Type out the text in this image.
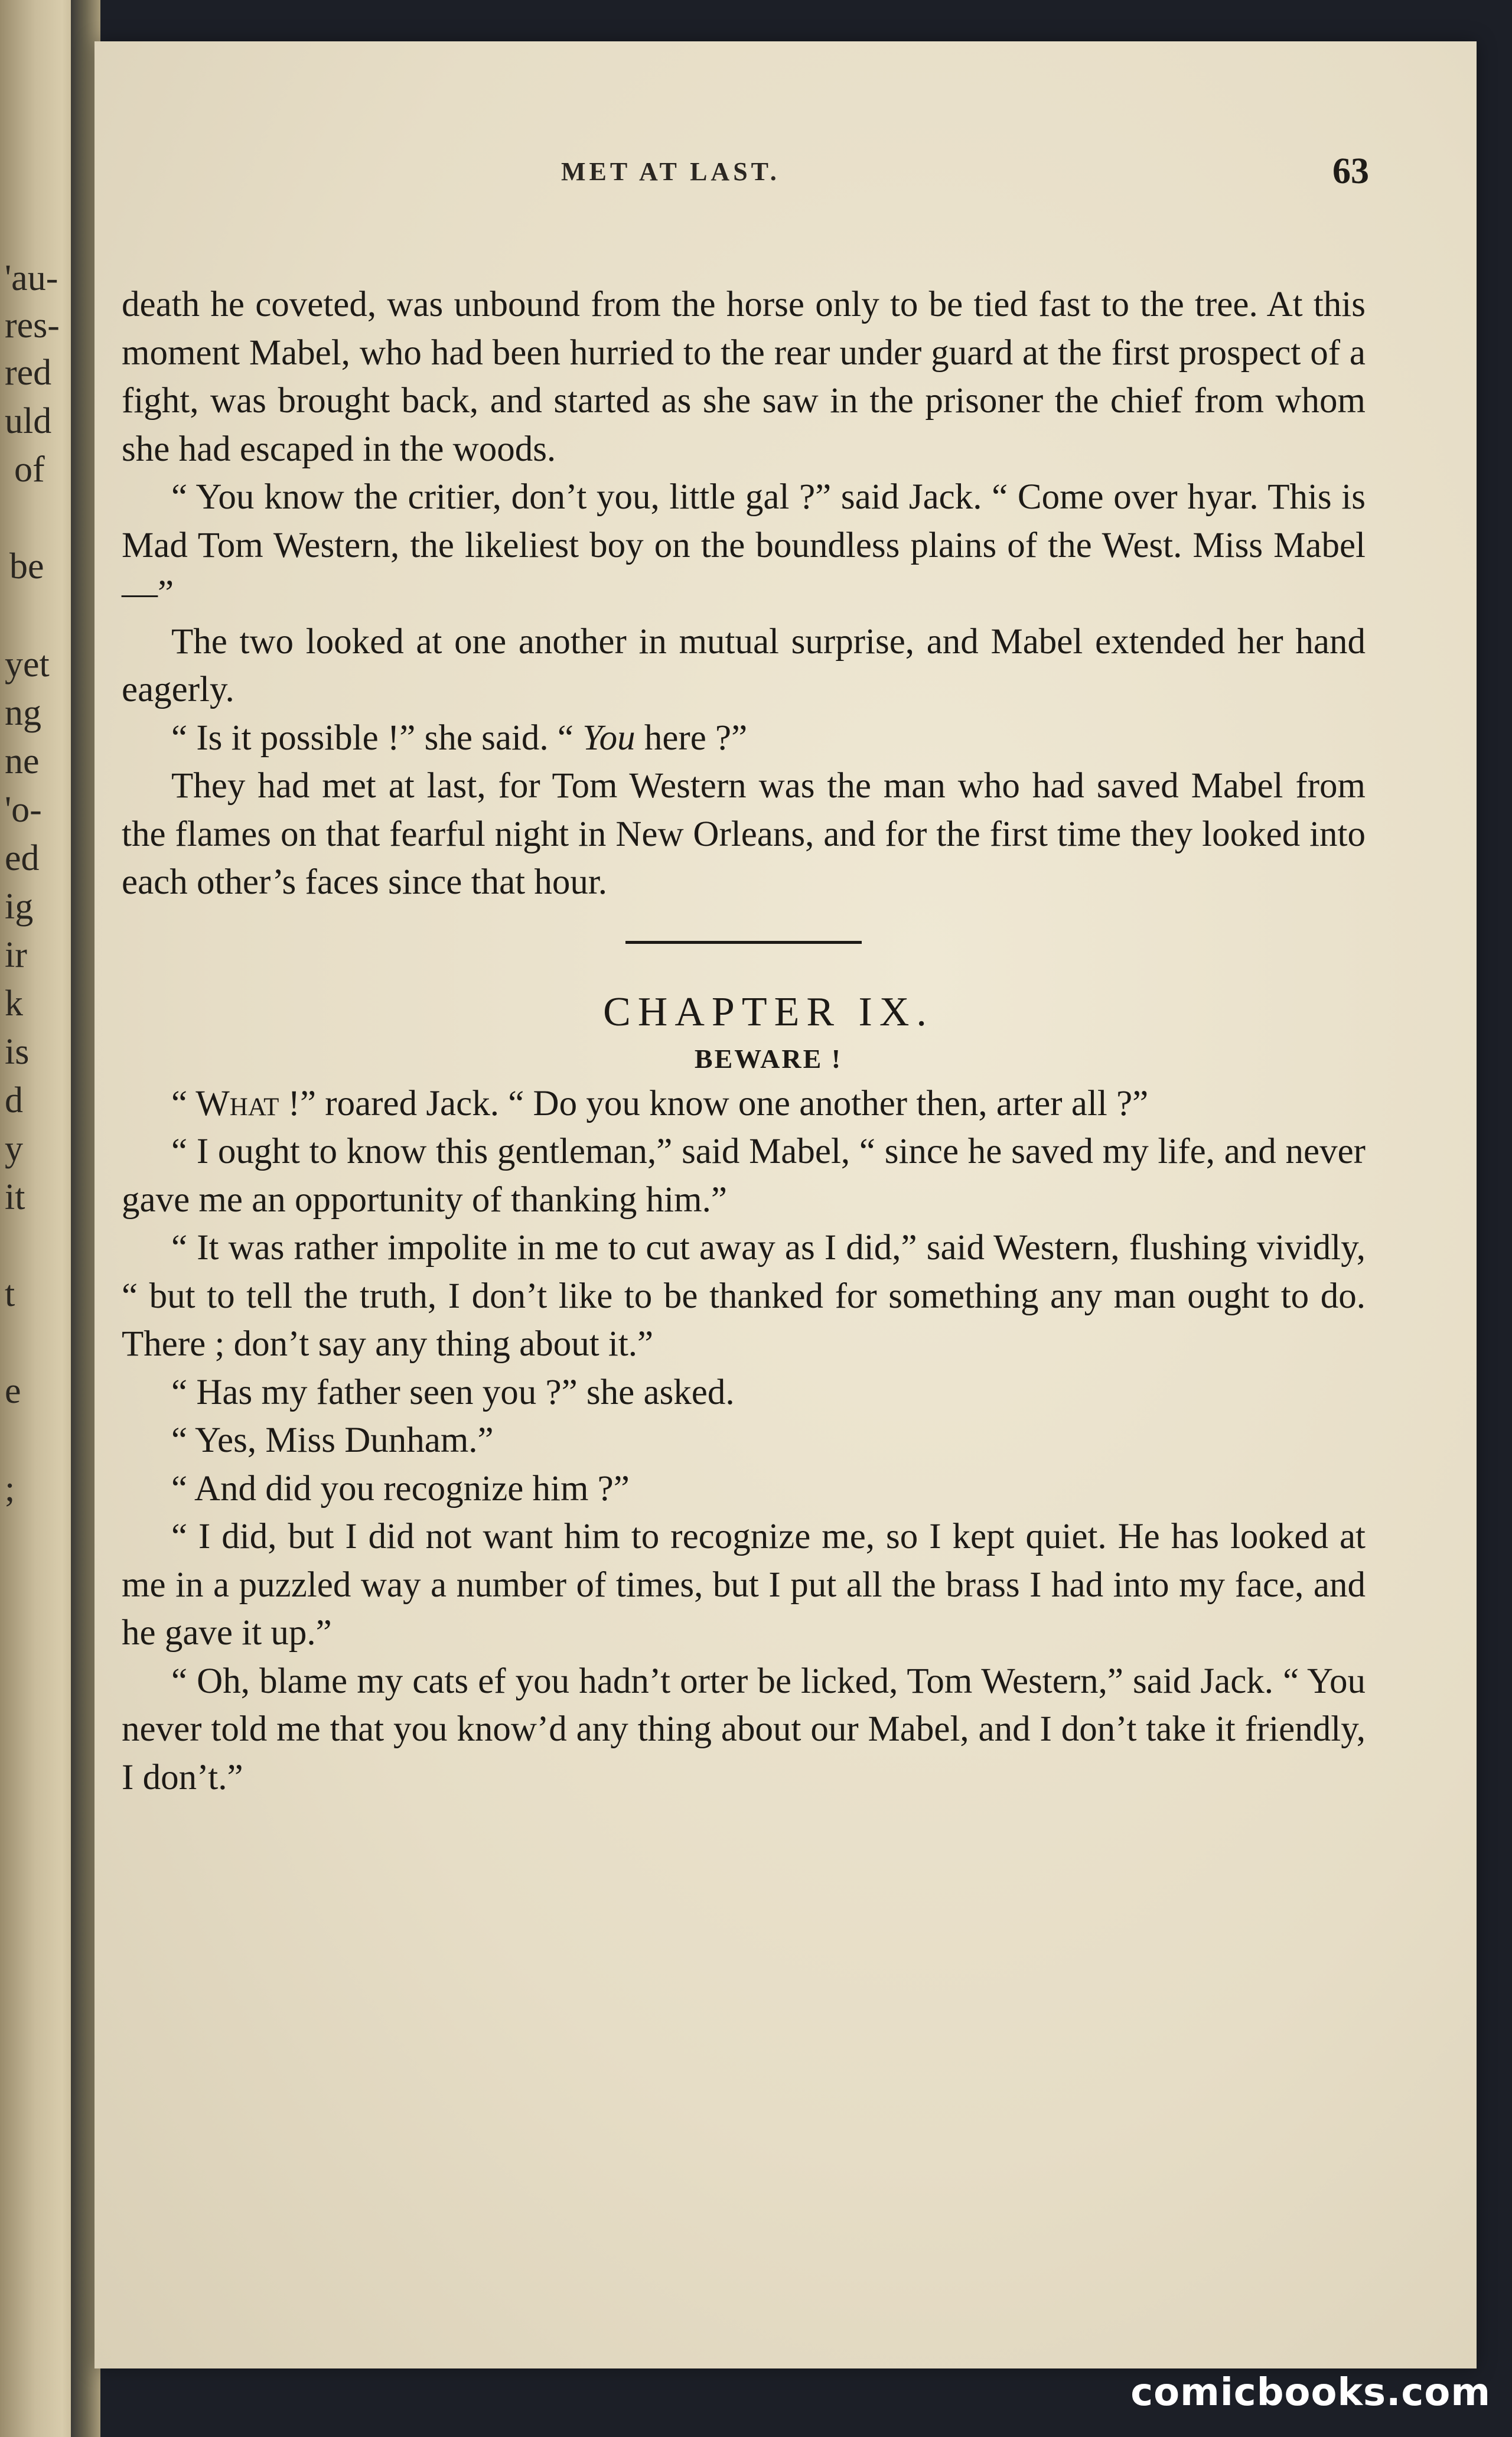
'au-
res-
red
uld
of
be
yet
ng
ne
'o-
ed
ig
ir
k
is
d
y
it
t
e
;
MET AT LAST.	63

death he coveted, was unbound from the horse only to be tied fast to the tree. At this moment Mabel, who had been hurried to the rear under guard at the first prospect of a fight, was brought back, and started as she saw in the prisoner the chief from whom she had escaped in the woods.

“ You know the critier, don’t you, little gal ?” said Jack. “ Come over hyar. This is Mad Tom Western, the likeliest boy on the boundless plains of the West. Miss Mabel—”

The two looked at one another in mutual surprise, and Mabel extended her hand eagerly.

“ Is it possible !” she said. “ You here ?”

They had met at last, for Tom Western was the man who had saved Mabel from the flames on that fearful night in New Orleans, and for the first time they looked into each other’s faces since that hour.

CHAPTER IX.

BEWARE !

“ What !” roared Jack. “ Do you know one another then, arter all ?”

“ I ought to know this gentleman,” said Mabel, “ since he saved my life, and never gave me an opportunity of thanking him.”

“ It was rather impolite in me to cut away as I did,” said Western, flushing vividly, “ but to tell the truth, I don’t like to be thanked for something any man ought to do. There ; don’t say any thing about it.”

“ Has my father seen you ?” she asked.

“ Yes, Miss Dunham.”

“ And did you recognize him ?”

“ I did, but I did not want him to recognize me, so I kept quiet. He has looked at me in a puzzled way a number of times, but I put all the brass I had into my face, and he gave it up.”

“ Oh, blame my cats ef you hadn’t orter be licked, Tom Western,” said Jack. “ You never told me that you know’d any thing about our Mabel, and I don’t take it friendly, I don’t.”

comicbooks.com
